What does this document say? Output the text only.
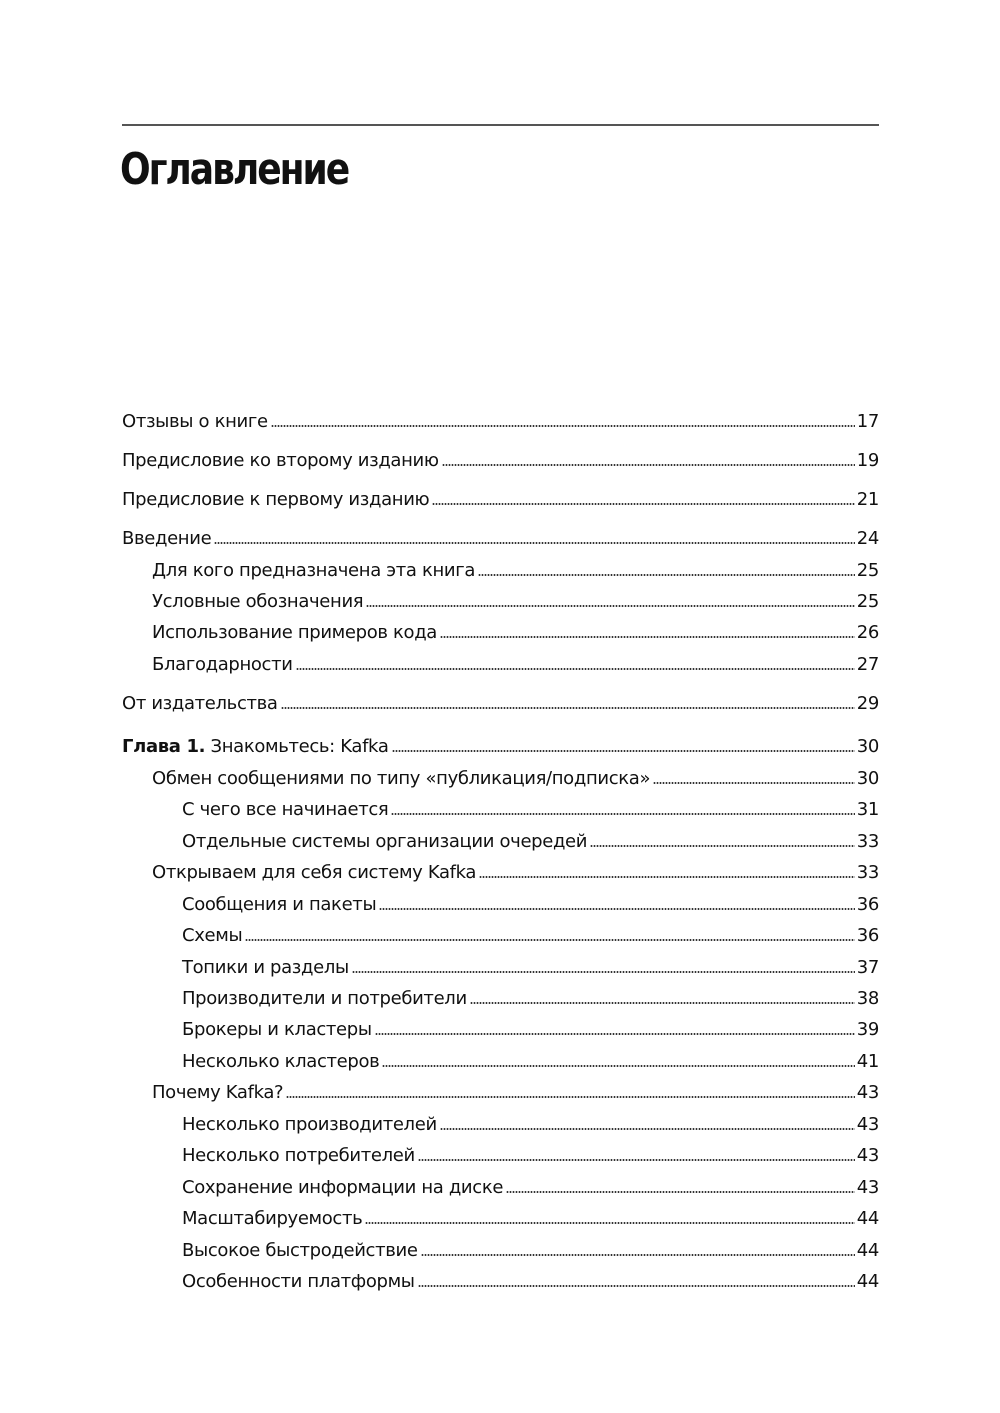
Оглавление
Отзывы о книге	17
Предисловие ко второму изданию	19
Предисловие к первому изданию	21
Введение	24
Для кого предназначена эта книга	25
Условные обозначения	25
Использование примеров кода	26
Благодарности	27
От издательства	29
Глава 1. Знакомьтесь: Kafka	30
Обмен сообщениями по типу «публикация/подписка»	30
С чего все начинается	31
Отдельные системы организации очередей	33
Открываем для себя систему Kafka	33
Сообщения и пакеты	36
Схемы	36
Топики и разделы	37
Производители и потребители	38
Брокеры и кластеры	39
Несколько кластеров	41
Почему Kafka?	43
Несколько производителей	43
Несколько потребителей	43
Сохранение информации на диске	43
Масштабируемость	44
Высокое быстродействие	44
Особенности платформы	44
